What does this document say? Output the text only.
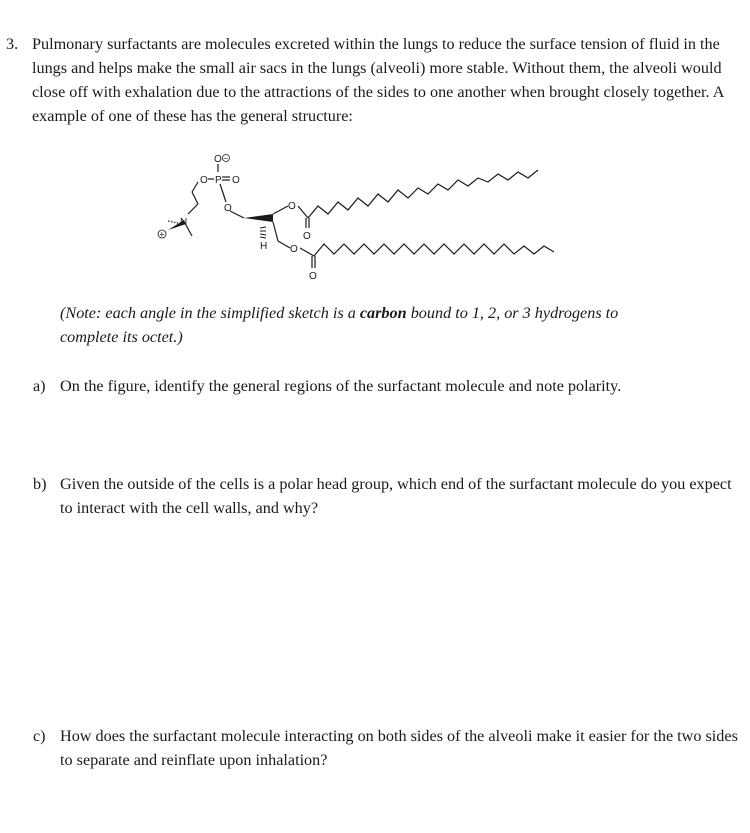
3. Pulmonary surfactants are molecules excreted within the lungs to reduce the surface tension of fluid in the lungs and helps make the small air sacs in the lungs (alveoli) more stable. Without them, the alveoli would close off with exhalation due to the attractions of the sides to one another when brought closely together. A example of one of these has the general structure:

O −
O P O
O
N
+
H
O
O
O
O
(Note: each angle in the simplified sketch is a carbon bound to 1, 2, or 3 hydrogens to complete its octet.)
a) On the figure, identify the general regions of the surfactant molecule and note polarity.
b) Given the outside of the cells is a polar head group, which end of the surfactant molecule do you expect to interact with the cell walls, and why?
c) How does the surfactant molecule interacting on both sides of the alveoli make it easier for the two sides to separate and reinflate upon inhalation?
